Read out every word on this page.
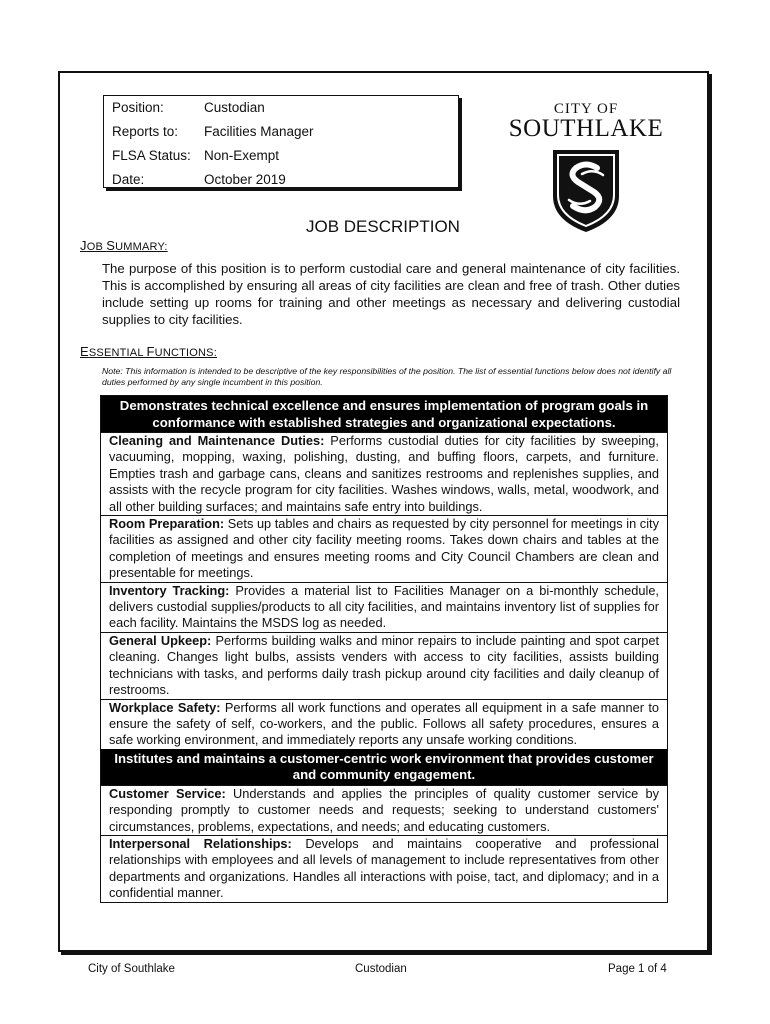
Position:	Custodian
Reports to:	Facilities Manager
FLSA Status: Non-Exempt
Date:	October 2019
CITY OF
SOUTHLAKE
JOB DESCRIPTION
JOB SUMMARY:
The purpose of this position is to perform custodial care and general maintenance of city facilities. This is accomplished by ensuring all areas of city facilities are clean and free of trash. Other duties include setting up rooms for training and other meetings as necessary and delivering custodial supplies to city facilities.
ESSENTIAL FUNCTIONS:
Note: This information is intended to be descriptive of the key responsibilities of the position. The list of essential functions below does not identify all duties performed by any single incumbent in this position.
Demonstrates technical excellence and ensures implementation of program goals in conformance with established strategies and organizational expectations.
Cleaning and Maintenance Duties: Performs custodial duties for city facilities by sweeping, vacuuming, mopping, waxing, polishing, dusting, and buffing floors, carpets, and furniture. Empties trash and garbage cans, cleans and sanitizes restrooms and replenishes supplies, and assists with the recycle program for city facilities. Washes windows, walls, metal, woodwork, and all other building surfaces; and maintains safe entry into buildings.
Room Preparation: Sets up tables and chairs as requested by city personnel for meetings in city facilities as assigned and other city facility meeting rooms. Takes down chairs and tables at the completion of meetings and ensures meeting rooms and City Council Chambers are clean and presentable for meetings.
Inventory Tracking: Provides a material list to Facilities Manager on a bi-monthly schedule, delivers custodial supplies/products to all city facilities, and maintains inventory list of supplies for each facility. Maintains the MSDS log as needed.
General Upkeep: Performs building walks and minor repairs to include painting and spot carpet cleaning. Changes light bulbs, assists venders with access to city facilities, assists building technicians with tasks, and performs daily trash pickup around city facilities and daily cleanup of restrooms.
Workplace Safety: Performs all work functions and operates all equipment in a safe manner to ensure the safety of self, co-workers, and the public. Follows all safety procedures, ensures a safe working environment, and immediately reports any unsafe working conditions.
Institutes and maintains a customer-centric work environment that provides customer and community engagement.
Customer Service: Understands and applies the principles of quality customer service by responding promptly to customer needs and requests; seeking to understand customers' circumstances, problems, expectations, and needs; and educating customers.
Interpersonal Relationships: Develops and maintains cooperative and professional relationships with employees and all levels of management to include representatives from other departments and organizations. Handles all interactions with poise, tact, and diplomacy; and in a confidential manner.
City of Southlake	Custodian	Page 1 of 4
